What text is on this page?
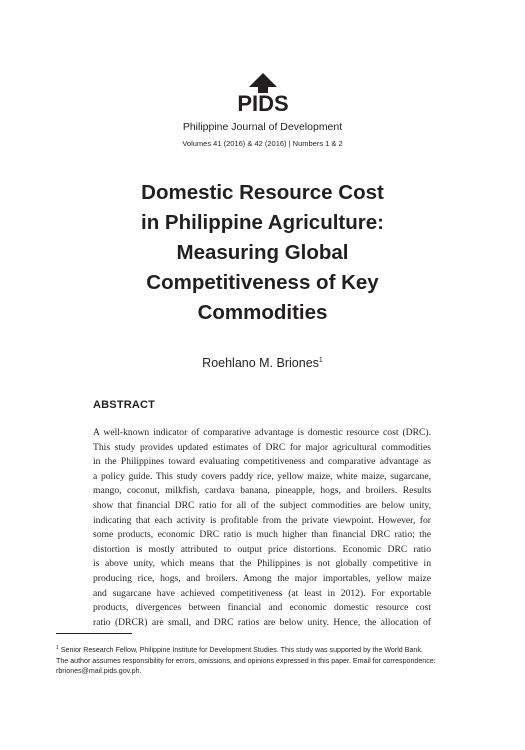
PIDS
Philippine Journal of Development
Volumes 41 (2016) & 42 (2016) | Numbers 1 & 2
Domestic Resource Cost
in Philippine Agriculture:
Measuring Global
Competitiveness of Key
Commodities
Roehlano M. Briones$^1$
ABSTRACT
A well-known indicator of comparative advantage is domestic resource cost (DRC).
This study provides updated estimates of DRC for major agricultural commodities
in the Philippines toward evaluating competitiveness and comparative advantage as
a policy guide. This study covers paddy rice, yellow maize, white maize, sugarcane,
mango, coconut, milkfish, cardava banana, pineapple, hogs, and broilers. Results
show that financial DRC ratio for all of the subject commodities are below unity,
indicating that each activity is profitable from the private viewpoint. However, for
some products, economic DRC ratio is much higher than financial DRC ratio; the
distortion is mostly attributed to output price distortions. Economic DRC ratio
is above unity, which means that the Philippines is not globally competitive in
producing rice, hogs, and broilers. Among the major importables, yellow maize
and sugarcane have achieved competitiveness (at least in 2012). For exportable
products, divergences between financial and economic domestic resource cost
ratio (DRCR) are small, and DRC ratios are below unity. Hence, the allocation of
$^1$ Senior Research Fellow, Philippine Institute for Development Studies. This study was supported by the World Bank.
The author assumes responsibility for errors, omissions, and opinions expressed in this paper. Email for correspondence:
rbriones@mail.pids.gov.ph.
